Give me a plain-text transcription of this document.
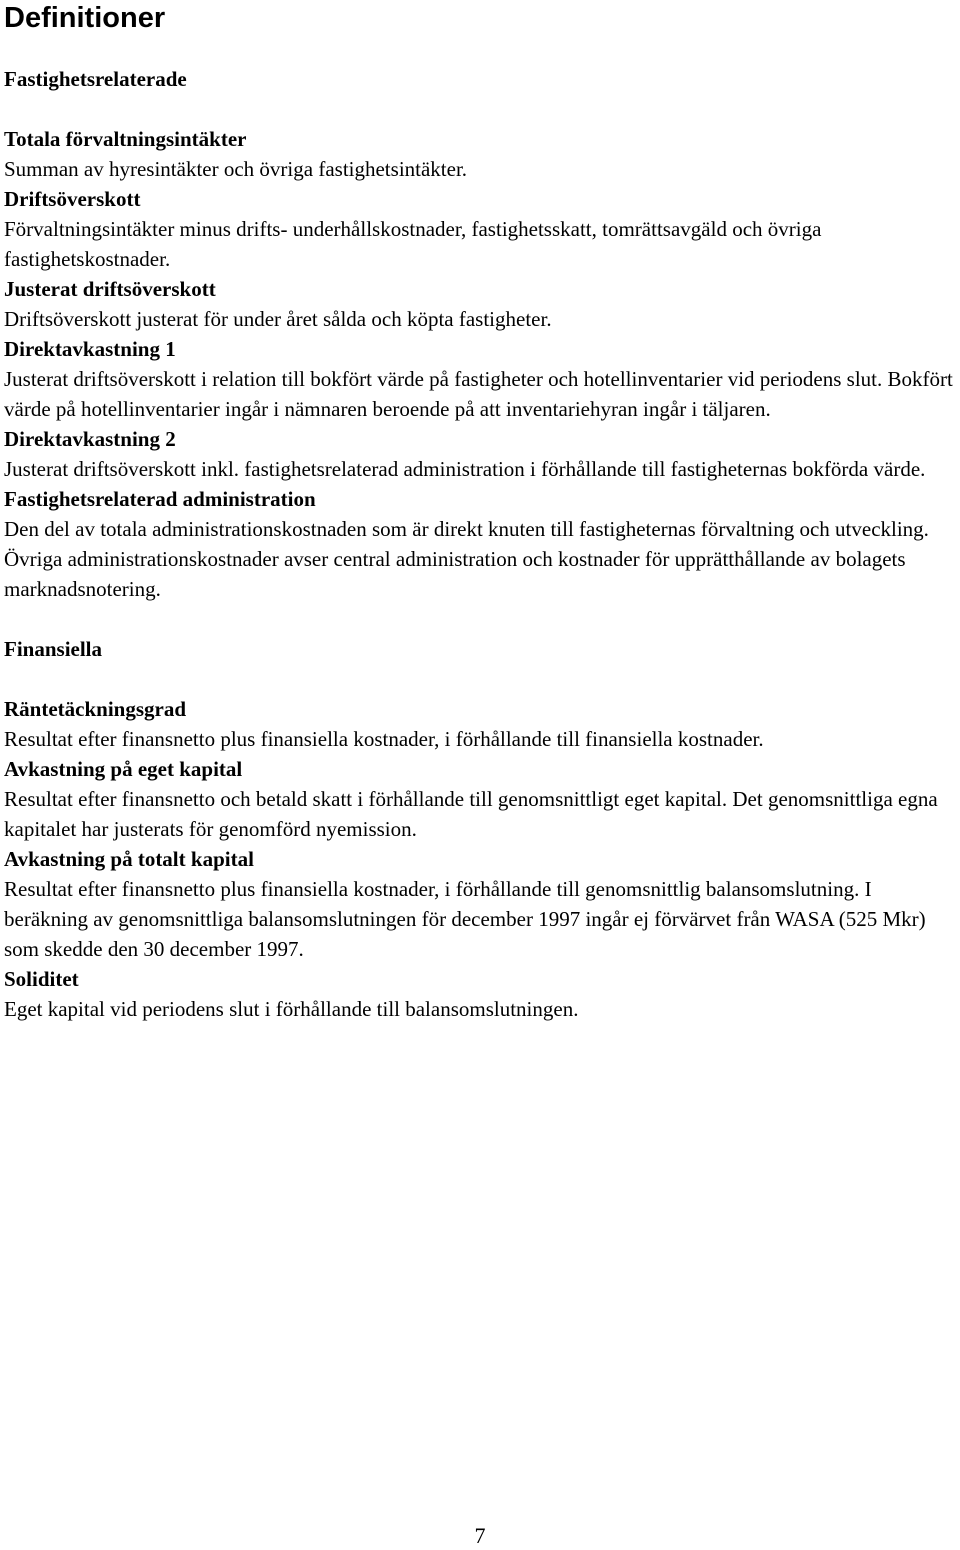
Definitioner
Fastighetsrelaterade

Totala förvaltningsintäkter

Summan av hyresintäkter och övriga fastighetsintäkter.

Driftsöverskott

Förvaltningsintäkter minus drifts- underhållskostnader, fastighetsskatt, tomrättsavgäld och övriga fastighetskostnader.

Justerat driftsöverskott

Driftsöverskott justerat för under året sålda och köpta fastigheter.

Direktavkastning 1

Justerat driftsöverskott i relation till bokfört värde på fastigheter och hotellinventarier vid periodens slut. Bokfört värde på hotellinventarier ingår i nämnaren beroende på att inventariehyran ingår i täljaren.

Direktavkastning 2

Justerat driftsöverskott inkl. fastighetsrelaterad administration i förhållande till fastigheternas bokförda värde.

Fastighetsrelaterad administration

Den del av totala administrationskostnaden som är direkt knuten till fastigheternas förvaltning och utveckling. Övriga administrationskostnader avser central administration och kostnader för upprätthållande av bolagets marknadsnotering.

Finansiella

Räntetäckningsgrad

Resultat efter finansnetto plus finansiella kostnader, i förhållande till finansiella kostnader.

Avkastning på eget kapital

Resultat efter finansnetto och betald skatt i förhållande till genomsnittligt eget kapital. Det genomsnittliga egna kapitalet har justerats för genomförd nyemission.

Avkastning på totalt kapital

Resultat efter finansnetto plus finansiella kostnader, i förhållande till genomsnittlig balansomslutning. I beräkning av genomsnittliga balansomslutningen för december 1997 ingår ej förvärvet från WASA (525 Mkr) som skedde den 30 december 1997.

Soliditet

Eget kapital vid periodens slut i förhållande till balansomslutningen.

7
